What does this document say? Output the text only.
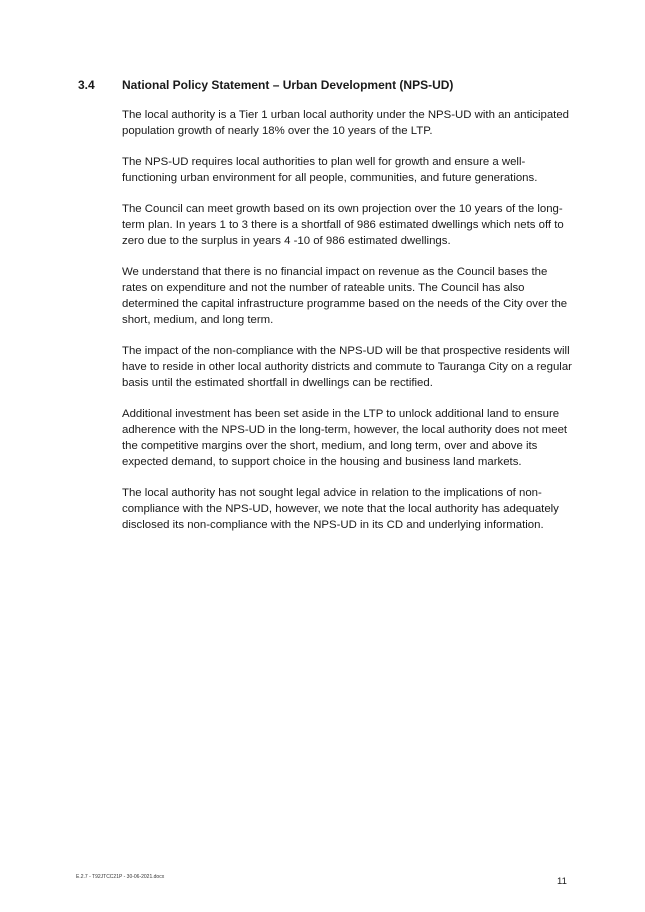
3.4 National Policy Statement – Urban Development (NPS-UD)

The local authority is a Tier 1 urban local authority under the NPS-UD with an anticipated population growth of nearly 18% over the 10 years of the LTP.

The NPS-UD requires local authorities to plan well for growth and ensure a well-functioning urban environment for all people, communities, and future generations.

The Council can meet growth based on its own projection over the 10 years of the long-term plan. In years 1 to 3 there is a shortfall of 986 estimated dwellings which nets off to zero due to the surplus in years 4 -10 of 986 estimated dwellings.

We understand that there is no financial impact on revenue as the Council bases the rates on expenditure and not the number of rateable units. The Council has also determined the capital infrastructure programme based on the needs of the City over the short, medium, and long term.

The impact of the non-compliance with the NPS-UD will be that prospective residents will have to reside in other local authority districts and commute to Tauranga City on a regular basis until the estimated shortfall in dwellings can be rectified.

Additional investment has been set aside in the LTP to unlock additional land to ensure adherence with the NPS-UD in the long-term, however, the local authority does not meet the competitive margins over the short, medium, and long term, over and above its expected demand, to support choice in the housing and business land markets.

The local authority has not sought legal advice in relation to the implications of non-compliance with the NPS-UD, however, we note that the local authority has adequately disclosed its non-compliance with the NPS-UD in its CD and underlying information.

E.2.7 - T92JTCC21P - 30-06-2021.docx	11
